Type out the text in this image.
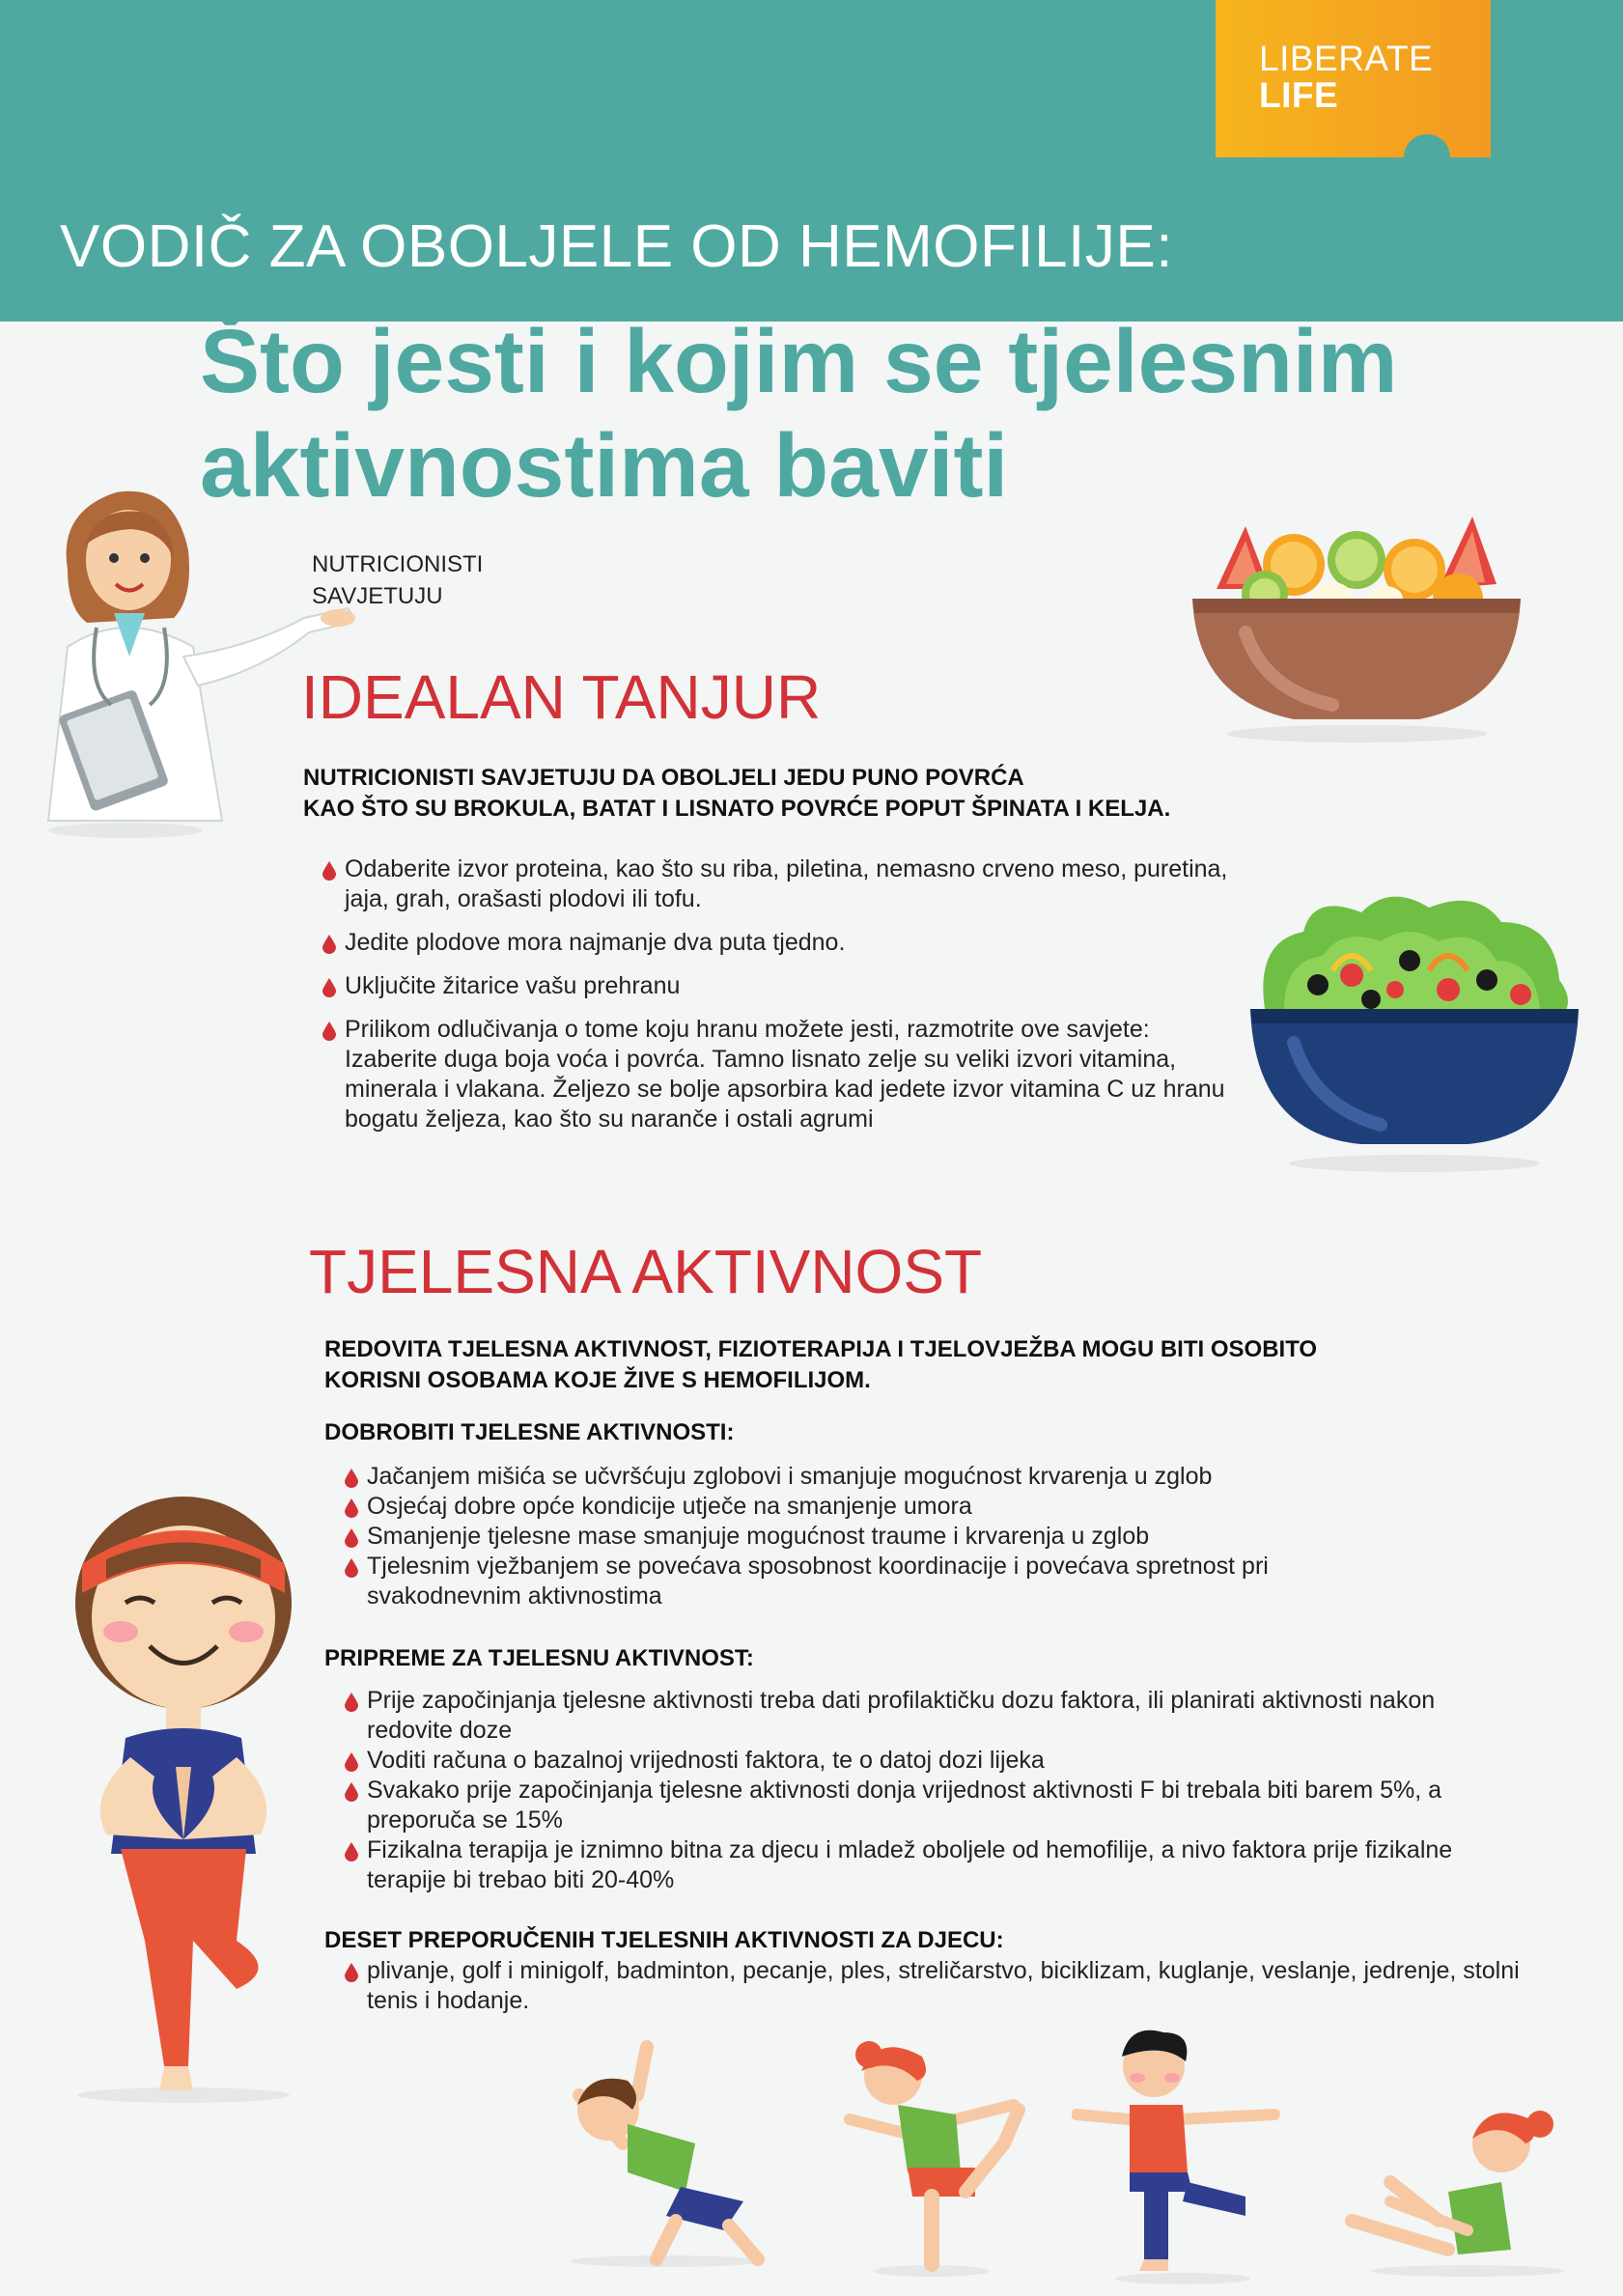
LIBERATE
LIFE
VODIČ ZA OBOLJELE OD HEMOFILIJE:
Što jesti i kojim se tjelesnim aktivnostima baviti
NUTRICIONISTI
SAVJETUJU
IDEALAN TANJUR
NUTRICIONISTI SAVJETUJU DA OBOLJELI JEDU PUNO POVRĆA
KAO ŠTO SU BROKULA, BATAT I LISNATO POVRĆE POPUT ŠPINATA I KELJA.
Odaberite izvor proteina, kao što su riba, piletina, nemasno crveno meso, puretina, jaja, grah, orašasti plodovi ili tofu.
Jedite plodove mora najmanje dva puta tjedno.
Uključite žitarice vašu prehranu
Prilikom odlučivanja o tome koju hranu možete jesti, razmotrite ove savjete: Izaberite duga boja voća i povrća. Tamno lisnato zelje su veliki izvori vitamina, minerala i vlakana. Željezo se bolje apsorbira kad jedete izvor vitamina C uz hranu bogatu željeza, kao što su naranče i ostali agrumi
TJELESNA AKTIVNOST
REDOVITA TJELESNA AKTIVNOST, FIZIOTERAPIJA I TJELOVJEŽBA MOGU BITI OSOBITO
KORISNI OSOBAMA KOJE ŽIVE S HEMOFILIJOM.
DOBROBITI TJELESNE AKTIVNOSTI:
Jačanjem mišića se učvršćuju zglobovi i smanjuje mogućnost krvarenja u zglob
Osjećaj dobre opće kondicije utječe na smanjenje umora
Smanjenje tjelesne mase smanjuje mogućnost traume i krvarenja u zglob
Tjelesnim vježbanjem se povećava sposobnost koordinacije i povećava spretnost pri svakodnevnim aktivnostima
PRIPREME ZA TJELESNU AKTIVNOST:
Prije započinjanja tjelesne aktivnosti treba dati profilaktičku dozu faktora, ili planirati aktivnosti nakon redovite doze
Voditi računa o bazalnoj vrijednosti faktora, te o datoj dozi lijeka
Svakako prije započinjanja tjelesne aktivnosti donja vrijednost aktivnosti F bi trebala biti barem 5%, a preporuča se 15%
Fizikalna terapija je iznimno bitna za djecu i mladež oboljele od hemofilije, a nivo faktora prije fizikalne terapije bi trebao biti 20-40%
DESET PREPORUČENIH TJELESNIH AKTIVNOSTI ZA DJECU:
plivanje, golf i minigolf, badminton, pecanje, ples, streličarstvo, biciklizam, kuglanje, veslanje, jedrenje, stolni tenis i hodanje.
